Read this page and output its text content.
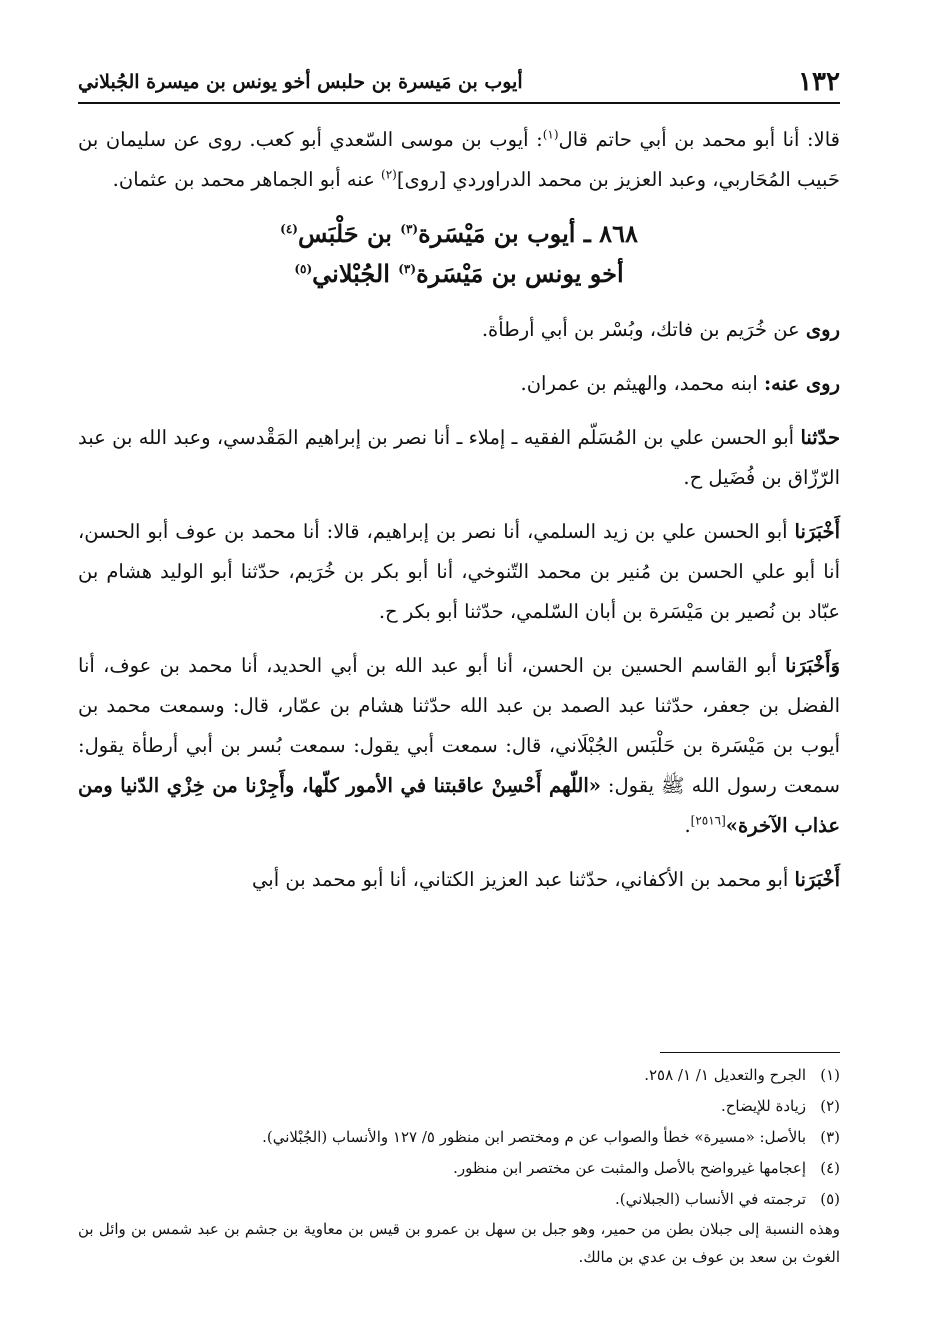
١٣٢
أيوب بن مَيسرة بن حلبس أخو يونس بن ميسرة الجُبلاني

قالا: أنا أبو محمد بن أبي حاتم قال$^{(١)}$: أيوب بن موسى السّعدي أبو كعب. روى عن سليمان بن حَبيب المُحَاربي، وعبد العزيز بن محمد الدراوردي [روى]$^{(٢)}$ عنه أبو الجماهر محمد بن عثمان.

٨٦٨ ـ أيوب بن مَيْسَرة$^{(٣)}$ بن حَلْبَس$^{(٤)}$
أخو يونس بن مَيْسَرة$^{(٣)}$ الجُبْلاني$^{(٥)}$

روى عن خُرَيم بن فاتك، وبُسْر بن أبي أرطأة.

روى عنه: ابنه محمد، والهيثم بن عمران.

حدّثنا أبو الحسن علي بن المُسَلّم الفقيه ـ إملاء ـ أنا نصر بن إبراهيم المَقْدسي، وعبد الله بن عبد الرّزّاق بن فُضَيل ح.

أَخْبَرَنا أبو الحسن علي بن زيد السلمي، أنا نصر بن إبراهيم، قالا: أنا محمد بن عوف أبو الحسن، أنا أبو علي الحسن بن مُنير بن محمد التّنوخي، أنا أبو بكر بن خُرَيم، حدّثنا أبو الوليد هشام بن عبّاد بن نُصير بن مَيْسَرة بن أبان السّلمي، حدّثنا أبو بكر ح.

وَأَخْبَرَنا أبو القاسم الحسين بن الحسن، أنا أبو عبد الله بن أبي الحديد، أنا محمد بن عوف، أنا الفضل بن جعفر، حدّثنا عبد الصمد بن عبد الله حدّثنا هشام بن عمّار، قال: وسمعت محمد بن أيوب بن مَيْسَرة بن حَلْبَس الجُبْلَاني، قال: سمعت أبي يقول: سمعت بُسر بن أبي أرطأة يقول: سمعت رسول الله ﷺ يقول: «اللّهم أَحْسِنْ عاقبتنا في الأمور كلّها، وأَجِرْنا من خِزْي الدّنيا ومن عذاب الآخرة»[٢٥١٦].

أَخْبَرَنا أبو محمد بن الأكفاني، حدّثنا عبد العزيز الكتاني، أنا أبو محمد بن أبي

(١)
الجرح والتعديل ١/ ١/ ٢٥٨.
(٢)
زيادة للإيضاح.
(٣)
بالأصل: «مسيرة» خطأ والصواب عن م ومختصر ابن منظور ٥/ ١٢٧ والأنساب (الجُبْلاني).
(٤)
إعجامها غيرواضح بالأصل والمثبت عن مختصر ابن منظور.
(٥)
ترجمته في الأنساب (الجبلاني).
وهذه النسبة إلى جبلان بطن من حمير، وهو جبل بن سهل بن عمرو بن قيس بن معاوية بن جشم بن عبد شمس بن وائل بن الغوث بن سعد بن عوف بن عدي بن مالك.
